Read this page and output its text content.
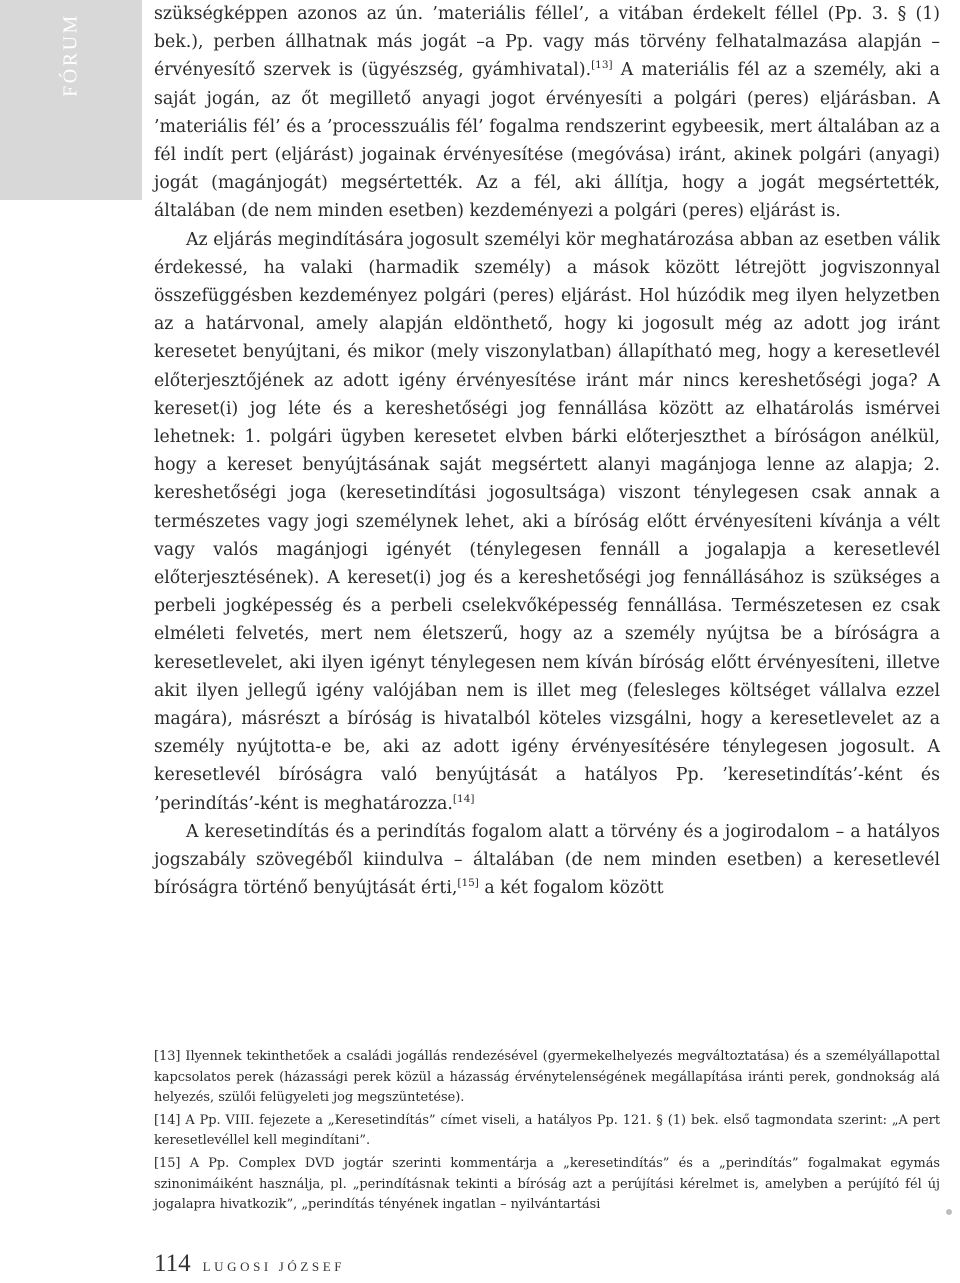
FÓRUM	szükségképpen azonos az ún. ’materiális féllel’, a vitában érdekelt féllel (Pp. 3. § (1) bek.), perben állhatnak más jogát –a Pp. vagy más törvény felhatalmazása alapján – érvényesítő szervek is (ügyészség, gyámhivatal).[13] A materiális fél az a személy, aki a saját jogán, az őt megillető anyagi jogot érvényesíti a polgári (peres) eljárásban. A ’materiális fél’ és a ’processzuális fél’ fogalma rendszerint egybeesik, mert általában az a fél indít pert (eljárást) jogainak érvényesítése (megóvása) iránt, akinek polgári (anyagi) jogát (magánjogát) megsértették. Az a fél, aki állítja, hogy a jogát megsértették, általában (de nem minden esetben) kezdeményezi a polgári (peres) eljárást is.

Az eljárás megindítására jogosult személyi kör meghatározása abban az esetben válik érdekessé, ha valaki (harmadik személy) a mások között létrejött jogviszonnyal összefüggésben kezdeményez polgári (peres) eljárást. Hol húzódik meg ilyen helyzetben az a határvonal, amely alapján eldönthető, hogy ki jogosult még az adott jog iránt keresetet benyújtani, és mikor (mely viszonylatban) állapítható meg, hogy a keresetlevél előterjesztőjének az adott igény érvényesítése iránt már nincs kereshetőségi joga? A kereset(i) jog léte és a kereshetőségi jog fennállása között az elhatárolás ismérvei lehetnek: 1. polgári ügyben keresetet elvben bárki előterjeszthet a bíróságon anélkül, hogy a kereset benyújtásának saját megsértett alanyi magánjoga lenne az alapja; 2. kereshetőségi joga (keresetindítási jogosultsága) viszont ténylegesen csak annak a természetes vagy jogi személynek lehet, aki a bíróság előtt érvényesíteni kívánja a vélt vagy valós magánjogi igényét (ténylegesen fennáll a jogalapja a keresetlevél előterjesztésének). A kereset(i) jog és a kereshetőségi jog fennállásához is szükséges a perbeli jogképesség és a perbeli cselekvőképesség fennállása. Természetesen ez csak elméleti felvetés, mert nem életszerű, hogy az a személy nyújtsa be a bíróságra a keresetlevelet, aki ilyen igényt ténylegesen nem kíván bíróság előtt érvényesíteni, illetve akit ilyen jellegű igény valójában nem is illet meg (felesleges költséget vállalva ezzel magára), másrészt a bíróság is hivatalból köteles vizsgálni, hogy a keresetlevelet az a személy nyújtotta-e be, aki az adott igény érvényesítésére ténylegesen jogosult. A keresetlevél bíróságra való benyújtását a hatályos Pp. ’keresetindítás’-ként és ’perindítás’-ként is meghatározza.[14]

A keresetindítás és a perindítás fogalom alatt a törvény és a jogirodalom – a hatályos jogszabály szövegéből kiindulva – általában (de nem minden esetben) a keresetlevél bíróságra történő benyújtását érti,[15] a két fogalom között

[13] Ilyennek tekinthetőek a családi jogállás rendezésével (gyermekelhelyezés megváltoztatása) és a személyállapottal kapcsolatos perek (házassági perek közül a házasság érvénytelenségének megállapítása iránti perek, gondnokság alá helyezés, szülői felügyeleti jog megszüntetése).

[14] A Pp. VIII. fejezete a „Keresetindítás” címet viseli, a hatályos Pp. 121. § (1) bek. első tagmondata szerint: „A pert keresetlevéllel kell megindítani”.

[15] A Pp. Complex DVD jogtár szerinti kommentárja a „keresetindítás” és a „perindítás” fogalmakat egymás szinonimáiként használja, pl. „perindításnak tekinti a bíróság azt a perújítási kérelmet is, amelyben a perújító fél új jogalapra hivatkozik”, „perindítás tényének ingatlan – nyilvántartási

114 LUGOSI JÓZSEF
